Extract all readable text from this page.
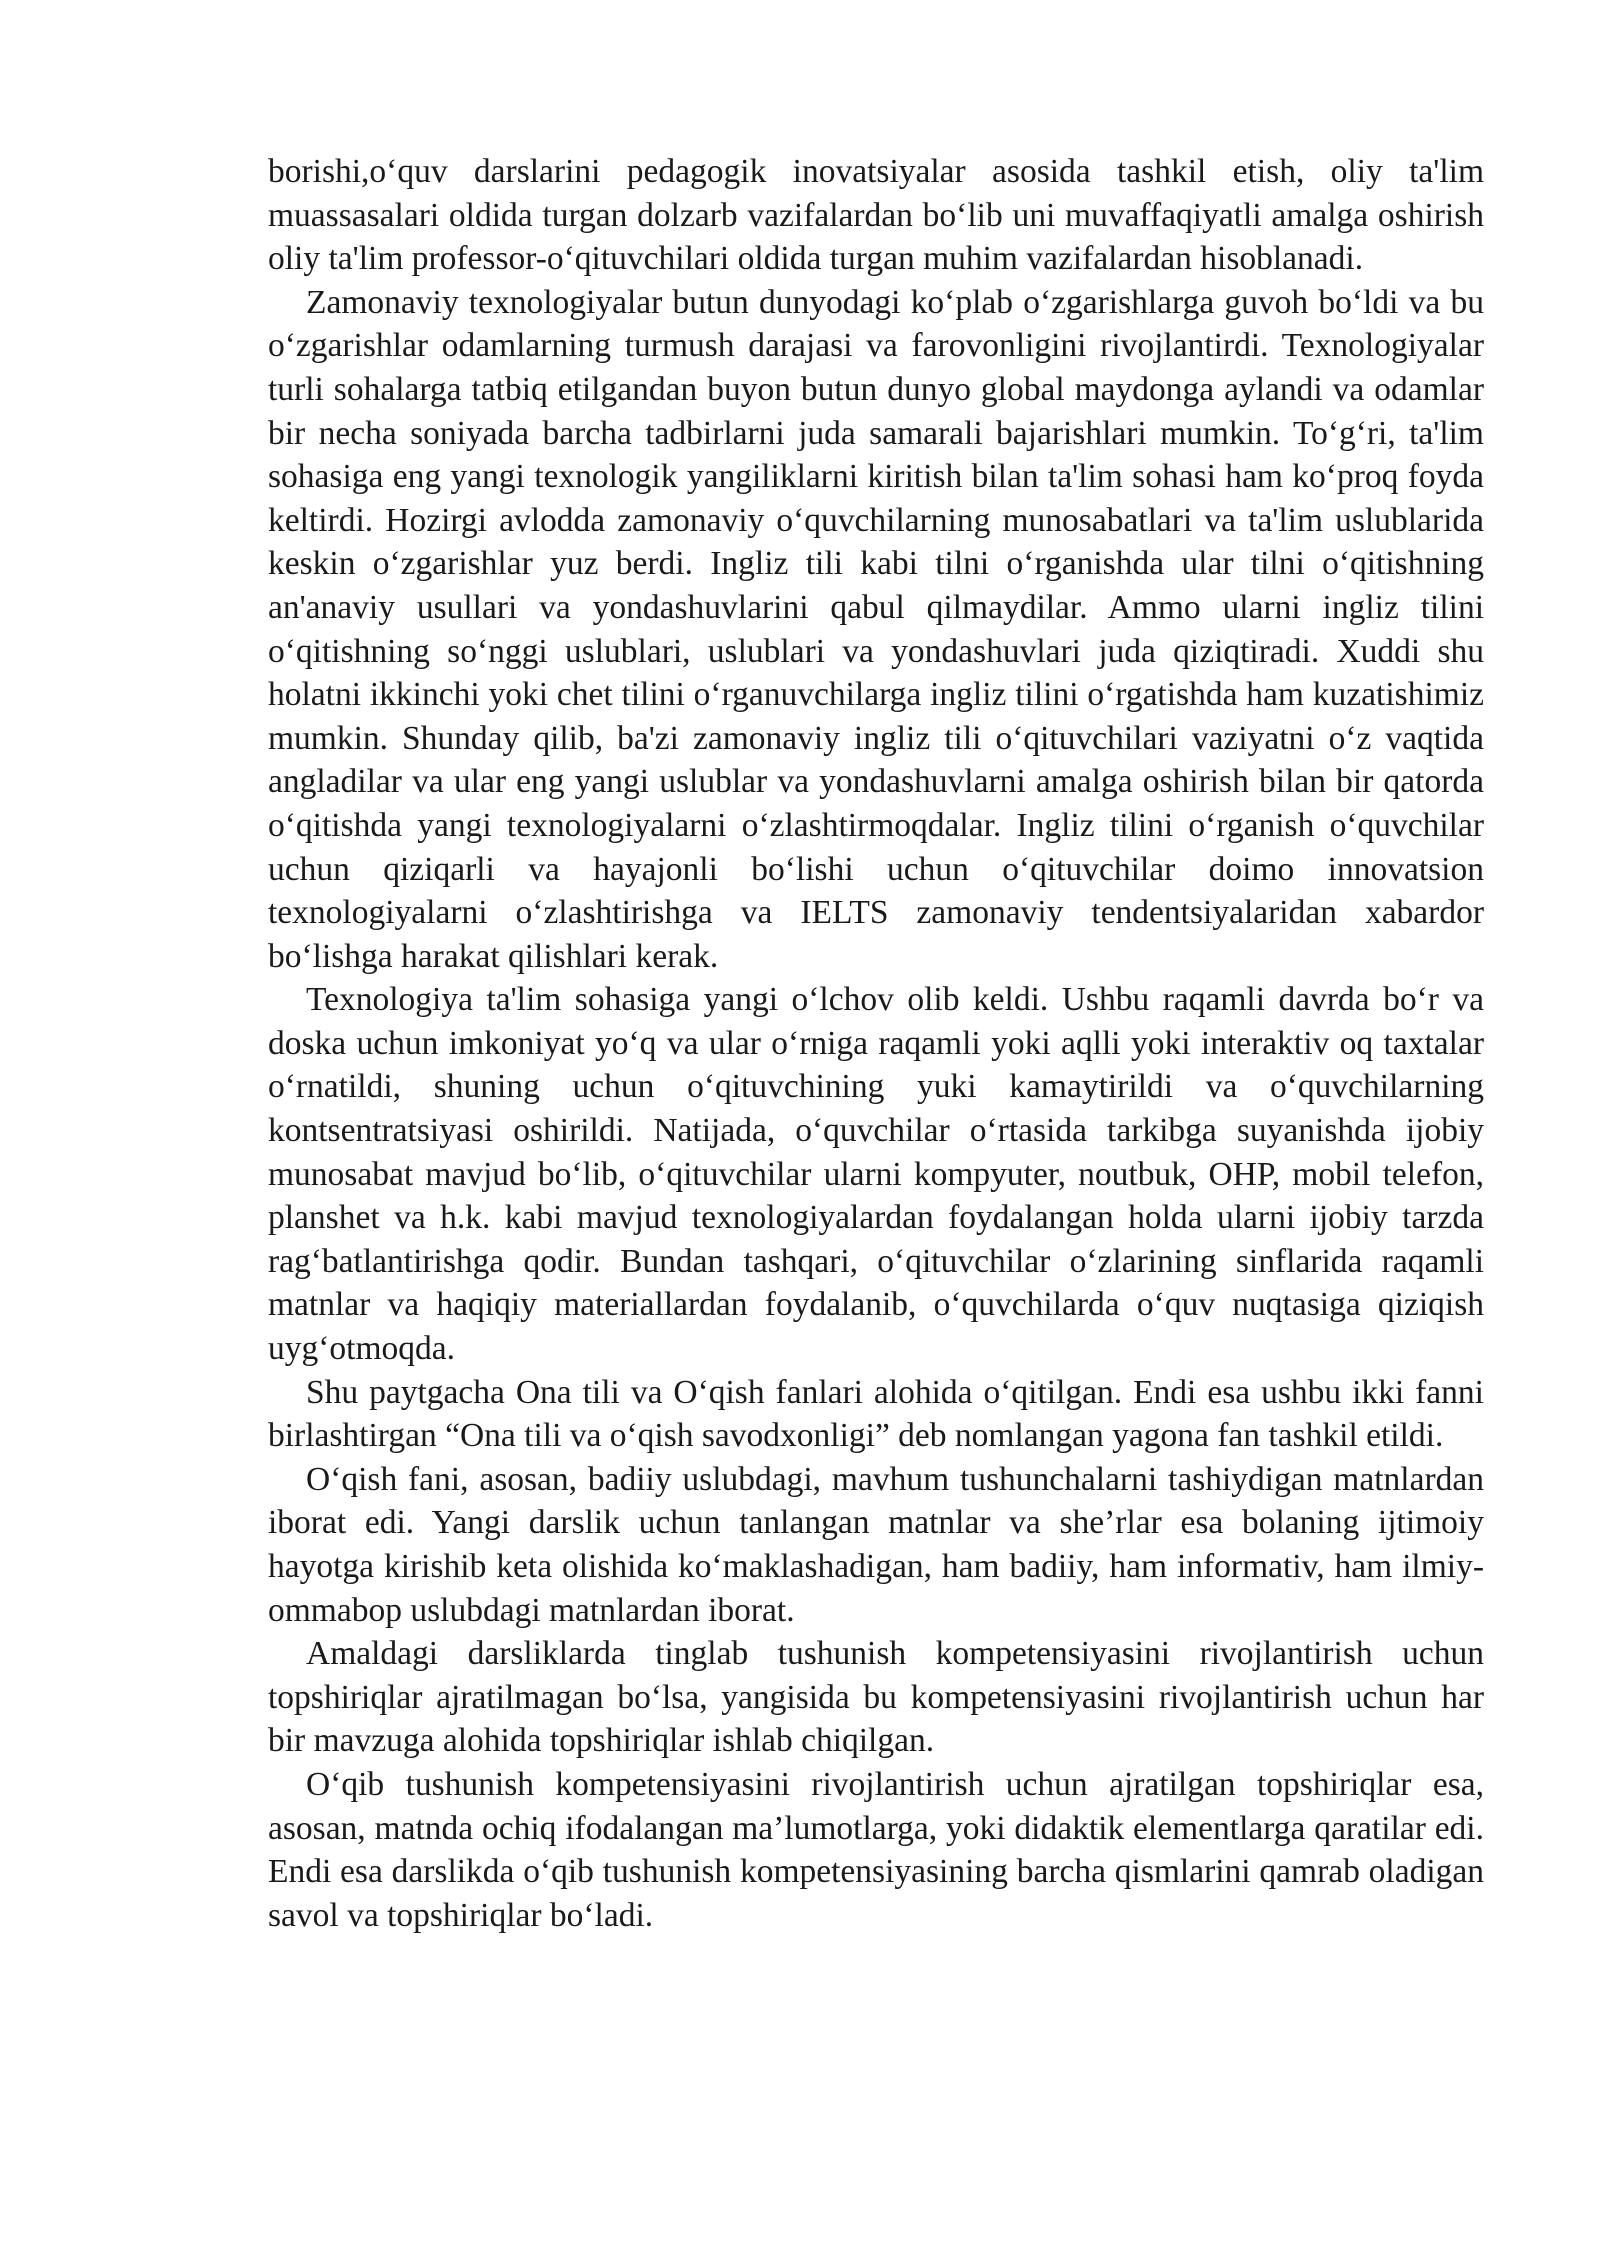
borishi,o‘quv darslarini pedagogik inovatsiyalar asosida tashkil etish, oliy ta'lim muassasalari oldida turgan dolzarb vazifalardan bo‘lib uni muvaffaqiyatli amalga oshirish oliy ta'lim professor-o‘qituvchilari oldida turgan muhim vazifalardan hisoblanadi.

Zamonaviy texnologiyalar butun dunyodagi ko‘plab o‘zgarishlarga guvoh bo‘ldi va bu o‘zgarishlar odamlarning turmush darajasi va farovonligini rivojlantirdi. Texnologiyalar turli sohalarga tatbiq etilgandan buyon butun dunyo global maydonga aylandi va odamlar bir necha soniyada barcha tadbirlarni juda samarali bajarishlari mumkin. To‘g‘ri, ta'lim sohasiga eng yangi texnologik yangiliklarni kiritish bilan ta'lim sohasi ham ko‘proq foyda keltirdi. Hozirgi avlodda zamonaviy o‘quvchilarning munosabatlari va ta'lim uslublarida keskin o‘zgarishlar yuz berdi. Ingliz tili kabi tilni o‘rganishda ular tilni o‘qitishning an'anaviy usullari va yondashuvlarini qabul qilmaydilar. Ammo ularni ingliz tilini o‘qitishning so‘nggi uslublari, uslublari va yondashuvlari juda qiziqtiradi. Xuddi shu holatni ikkinchi yoki chet tilini o‘rganuvchilarga ingliz tilini o‘rgatishda ham kuzatishimiz mumkin. Shunday qilib, ba'zi zamonaviy ingliz tili o‘qituvchilari vaziyatni o‘z vaqtida angladilar va ular eng yangi uslublar va yondashuvlarni amalga oshirish bilan bir qatorda o‘qitishda yangi texnologiyalarni o‘zlashtirmoqdalar. Ingliz tilini o‘rganish o‘quvchilar uchun qiziqarli va hayajonli bo‘lishi uchun o‘qituvchilar doimo innovatsion texnologiyalarni o‘zlashtirishga va IELTS zamonaviy tendentsiyalaridan xabardor bo‘lishga harakat qilishlari kerak.

Texnologiya ta'lim sohasiga yangi o‘lchov olib keldi. Ushbu raqamli davrda bo‘r va doska uchun imkoniyat yo‘q va ular o‘rniga raqamli yoki aqlli yoki interaktiv oq taxtalar o‘rnatildi, shuning uchun o‘qituvchining yuki kamaytirildi va o‘quvchilarning kontsentratsiyasi oshirildi. Natijada, o‘quvchilar o‘rtasida tarkibga suyanishda ijobiy munosabat mavjud bo‘lib, o‘qituvchilar ularni kompyuter, noutbuk, OHP, mobil telefon, planshet va h.k. kabi mavjud texnologiyalardan foydalangan holda ularni ijobiy tarzda rag‘batlantirishga qodir. Bundan tashqari, o‘qituvchilar o‘zlarining sinflarida raqamli matnlar va haqiqiy materiallardan foydalanib, o‘quvchilarda o‘quv nuqtasiga qiziqish uyg‘otmoqda.

Shu paytgacha Ona tili va O‘qish fanlari alohida o‘qitilgan. Endi esa ushbu ikki fanni birlashtirgan “Ona tili va o‘qish savodxonligi” deb nomlangan yagona fan tashkil etildi.

O‘qish fani, asosan, badiiy uslubdagi, mavhum tushunchalarni tashiydigan matnlardan iborat edi. Yangi darslik uchun tanlangan matnlar va she’rlar esa bolaning ijtimoiy hayotga kirishib keta olishida ko‘maklashadigan, ham badiiy, ham informativ, ham ilmiy-ommabop uslubdagi matnlardan iborat.

Amaldagi darsliklarda tinglab tushunish kompetensiyasini rivojlantirish uchun topshiriqlar ajratilmagan bo‘lsa, yangisida bu kompetensiyasini rivojlantirish uchun har bir mavzuga alohida topshiriqlar ishlab chiqilgan.

O‘qib tushunish kompetensiyasini rivojlantirish uchun ajratilgan topshiriqlar esa, asosan, matnda ochiq ifodalangan ma’lumotlarga, yoki didaktik elementlarga qaratilar edi. Endi esa darslikda o‘qib tushunish kompetensiyasining barcha qismlarini qamrab oladigan savol va topshiriqlar bo‘ladi.
